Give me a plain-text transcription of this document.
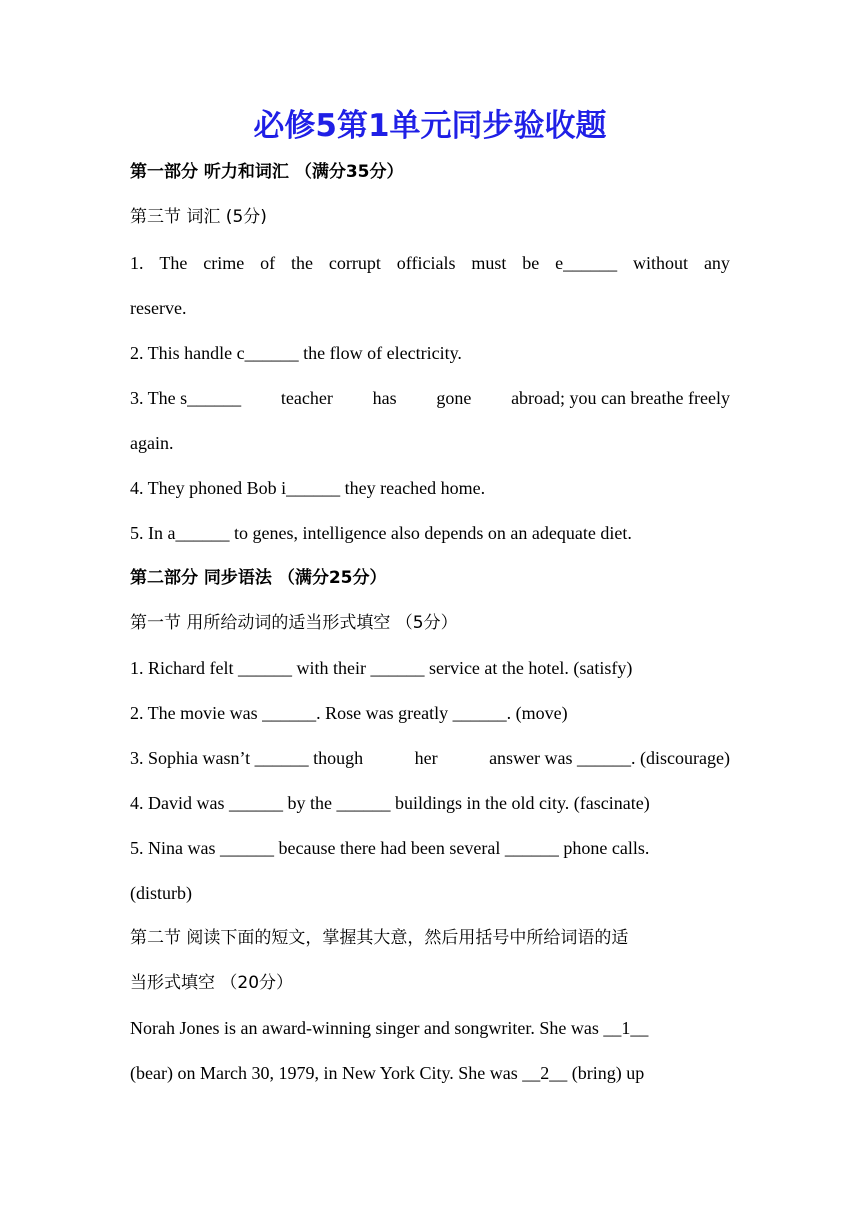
必修5第1单元同步验收题
第一部分 听力和词汇 （满分35分）
第三节 词汇 (5分)
1. The crime of the corrupt officials must be e______ without any
reserve.
2. This handle c______ the flow of electricity.
3. The s______ teacher has gone abroad; you can breathe freely
again.
4. They phoned Bob i______ they reached home.
5. In a______ to genes, intelligence also depends on an adequate diet.
第二部分 同步语法 （满分25分）
第一节 用所给动词的适当形式填空 （5分）
1. Richard felt ______ with their ______ service at the hotel. (satisfy)
2. The movie was ______. Rose was greatly ______. (move)
3. Sophia wasn’t ______ though	her	answer was ______. (discourage)
4. David was ______ by the ______ buildings in the old city. (fascinate)
5. Nina was ______ because there had been several ______ phone calls.
(disturb)
第二节 阅读下面的短文，掌握其大意，然后用括号中所给词语的适
当形式填空 （20分）
Norah Jones is an award-winning singer and songwriter. She was __1__
(bear) on March 30, 1979, in New York City. She was __2__ (bring) up
